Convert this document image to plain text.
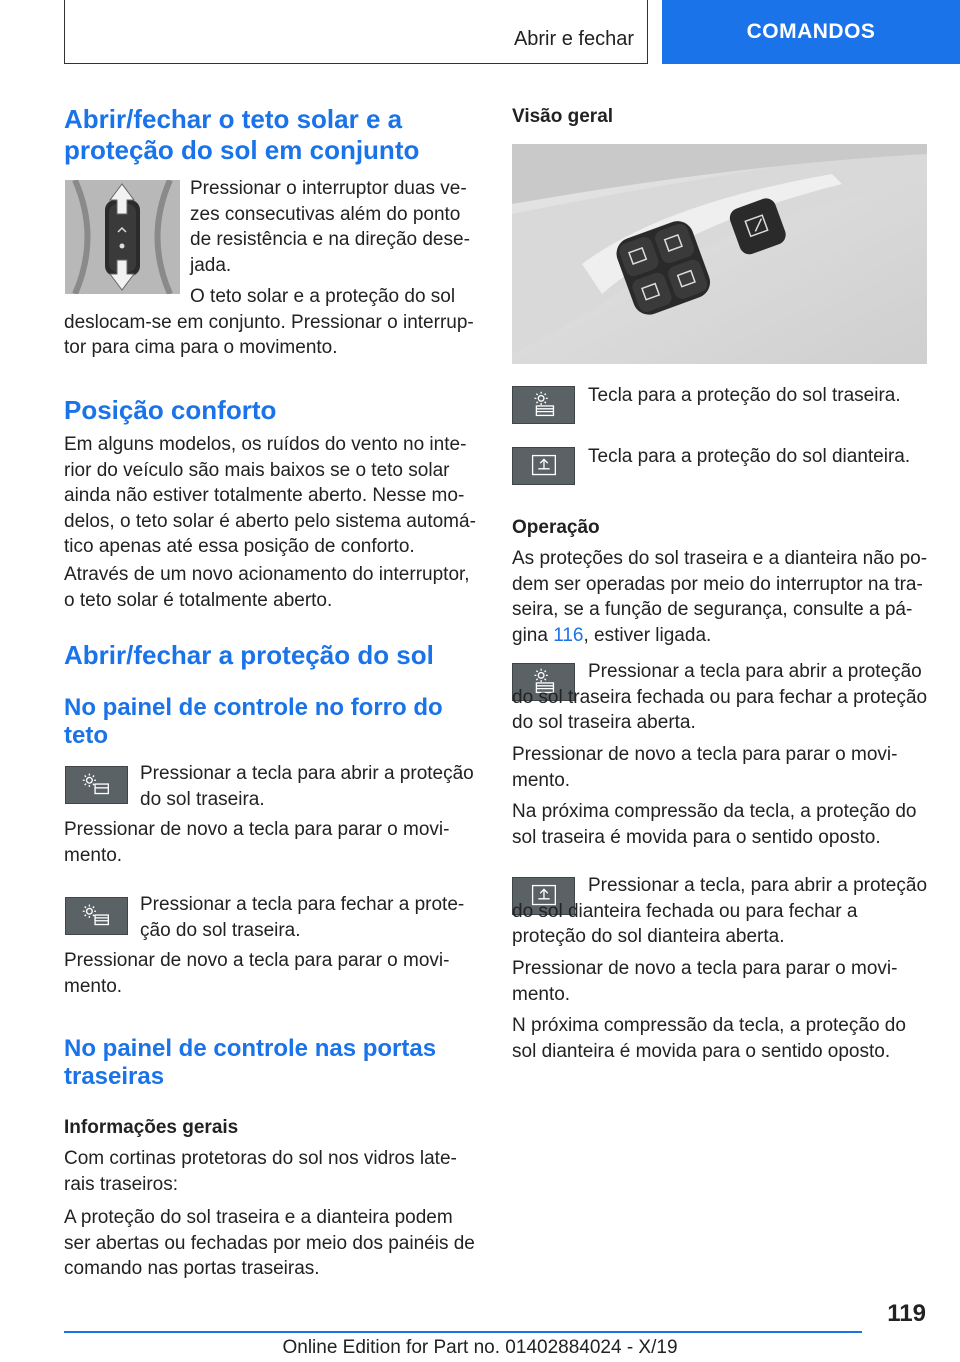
Abrir e fechar	COMANDOS
Abrir/fechar o teto solar e a proteção do sol em conjunto
Pressionar o interruptor duas vezes consecutivas além do ponto de resistência e na direção desejada.
O teto solar e a proteção do sol deslocam-se em conjunto. Pressionar o interruptor para cima para o movimento.
Posição conforto
Em alguns modelos, os ruídos do vento no interior do veículo são mais baixos se o teto solar ainda não estiver totalmente aberto. Nesse modelos, o teto solar é aberto pelo sistema automático apenas até essa posição de conforto.
Através de um novo acionamento do interruptor, o teto solar é totalmente aberto.
Abrir/fechar a proteção do sol
No painel de controle no forro do teto
Pressionar a tecla para abrir a proteção do sol traseira.
Pressionar de novo a tecla para parar o movimento.
Pressionar a tecla para fechar a proteção do sol traseira.
Pressionar de novo a tecla para parar o movimento.
No painel de controle nas portas traseiras
Informações gerais
Com cortinas protetoras do sol nos vidros laterais traseiros:
A proteção do sol traseira e a dianteira podem ser abertas ou fechadas por meio dos painéis de comando nas portas traseiras.
Visão geral
Tecla para a proteção do sol traseira.
Tecla para a proteção do sol dianteira.
Operação
As proteções do sol traseira e a dianteira não podem ser operadas por meio do interruptor na traseira, se a função de segurança, consulte a página 116, estiver ligada.
Pressionar a tecla para abrir a proteção do sol traseira fechada ou para fechar a proteção do sol traseira aberta.
Pressionar de novo a tecla para parar o movimento.
Na próxima compressão da tecla, a proteção do sol traseira é movida para o sentido oposto.
Pressionar a tecla, para abrir a proteção do sol dianteira fechada ou para fechar a proteção do sol dianteira aberta.
Pressionar de novo a tecla para parar o movimento.
N próxima compressão da tecla, a proteção do sol dianteira é movida para o sentido oposto.
119
Online Edition for Part no. 01402884024 - X/19
